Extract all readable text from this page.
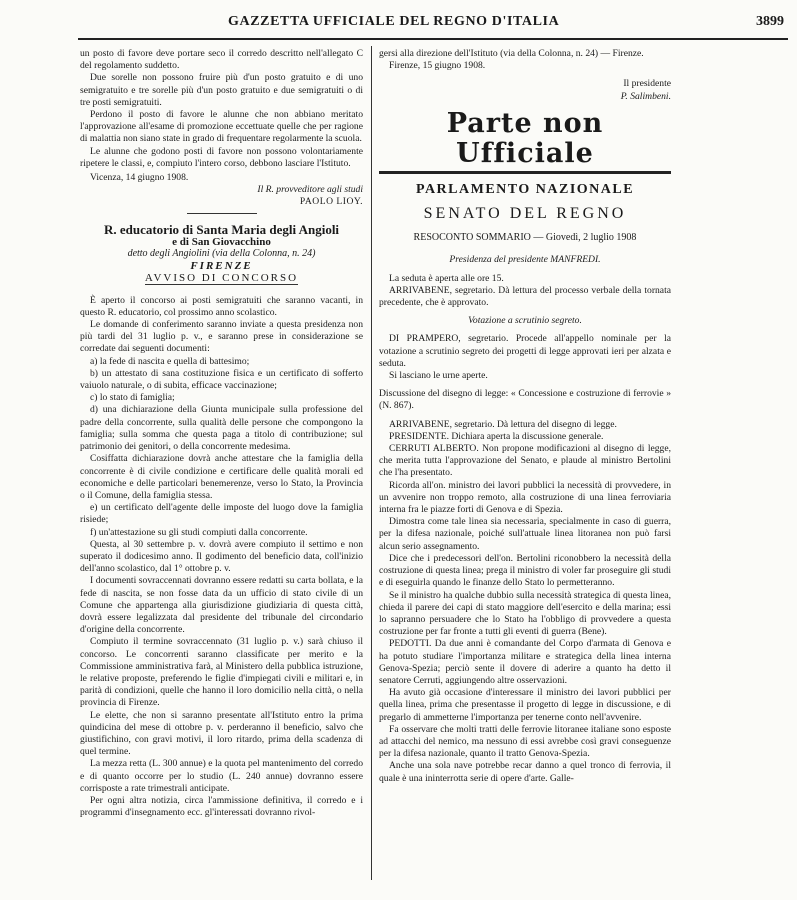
GAZZETTA UFFICIALE DEL REGNO D'ITALIA	3899

un posto di favore deve portare seco il corredo descritto nell'allegato C del regolamento suddetto.

Due sorelle non possono fruire più d'un posto gratuito e di uno semigratuito e tre sorelle più d'un posto gratuito e due semigratuiti o di tre posti semigratuiti.

Perdono il posto di favore le alunne che non abbiano meritato l'approvazione all'esame di promozione eccettuate quelle che per ragione di malattia non siano state in grado di frequentare regolarmente la scuola.

Le alunne che godono posti di favore non possono volontariamente ripetere le classi, e, compiuto l'intero corso, debbono lasciare l'Istituto.

Vicenza, 14 giugno 1908.

Il R. provveditore agli studi

PAOLO LIOY.

R. educatorio di Santa Maria degli Angioli
e di San Giovacchino
detto degli Angiolini (via della Colonna, n. 24)
FIRENZE
AVVISO DI CONCORSO

È aperto il concorso ai posti semigratuiti che saranno vacanti, in questo R. educatorio, col prossimo anno scolastico.

Le domande di conferimento saranno inviate a questa presidenza non più tardi del 31 luglio p. v., e saranno prese in considerazione se corredate dai seguenti documenti:

a) la fede di nascita e quella di battesimo;

b) un attestato di sana costituzione fisica e un certificato di sofferto vaiuolo naturale, o di subita, efficace vaccinazione;

c) lo stato di famiglia;

d) una dichiarazione della Giunta municipale sulla professione del padre della concorrente, sulla qualità delle persone che compongono la famiglia; sulla somma che questa paga a titolo di contribuzione; sul patrimonio dei genitori, o della concorrente medesima.

Cosiffatta dichiarazione dovrà anche attestare che la famiglia della concorrente è di civile condizione e certificare delle qualità morali ed economiche e delle particolari benemerenze, verso lo Stato, la Provincia o il Comune, della famiglia stessa.

e) un certificato dell'agente delle imposte del luogo dove la famiglia risiede;

f) un'attestazione su gli studi compiuti dalla concorrente.

Questa, al 30 settembre p. v. dovrà avere compiuto il settimo e non superato il dodicesimo anno. Il godimento del beneficio data, coll'inizio dell'anno scolastico, dal 1° ottobre p. v.

I documenti sovraccennati dovranno essere redatti su carta bollata, e la fede di nascita, se non fosse data da un ufficio di stato civile di un Comune che appartenga alla giurisdizione giudiziaria di questa città, dovrà essere legalizzata dal presidente del tribunale del circondario d'origine della concorrente.

Compiuto il termine sovraccennato (31 luglio p. v.) sarà chiuso il concorso. Le concorrenti saranno classificate per merito e la Commissione amministrativa farà, al Ministero della pubblica istruzione, le relative proposte, preferendo le figlie d'impiegati civili e militari e, in parità di condizioni, quelle che hanno il loro domicilio nella città, o nella provincia di Firenze.

Le elette, che non si saranno presentate all'Istituto entro la prima quindicina del mese di ottobre p. v. perderanno il beneficio, salvo che giustifichino, con gravi motivi, il loro ritardo, prima della scadenza di quel termine.

La mezza retta (L. 300 annue) e la quota pel mantenimento del corredo e di quanto occorre per lo studio (L. 240 annue) dovranno essere corrisposte a rate trimestrali anticipate.

Per ogni altra notizia, circa l'ammissione definitiva, il corredo e i programmi d'insegnamento ecc. gl'interessati dovranno rivol-

gersi alla direzione dell'Istituto (via della Colonna, n. 24) — Firenze.

Firenze, 15 giugno 1908.

Il presidente

P. Salimbeni.

Parte non Ufficiale
PARLAMENTO NAZIONALE
SENATO DEL REGNO
RESOCONTO SOMMARIO — Giovedì, 2 luglio 1908
Presidenza del presidente MANFREDI.

La seduta è aperta alle ore 15.

ARRIVABENE, segretario. Dà lettura del processo verbale della tornata precedente, che è approvato.

Votazione a scrutinio segreto.

DI PRAMPERO, segretario. Procede all'appello nominale per la votazione a scrutinio segreto dei progetti di legge approvati ieri per alzata e seduta.

Si lasciano le urne aperte.

Discussione del disegno di legge: « Concessione e costruzione di ferrovie » (N. 867).

ARRIVABENE, segretario. Dà lettura del disegno di legge.

PRESIDENTE. Dichiara aperta la discussione generale.

CERRUTI ALBERTO. Non propone modificazioni al disegno di legge, che merita tutta l'approvazione del Senato, e plaude al ministro Bertolini che l'ha presentato.

Ricorda all'on. ministro dei lavori pubblici la necessità di provvedere, in un avvenire non troppo remoto, alla costruzione di una linea ferroviaria interna fra le piazze forti di Genova e di Spezia.

Dimostra come tale linea sia necessaria, specialmente in caso di guerra, per la difesa nazionale, poiché sull'attuale linea litoranea non può farsi alcun serio assegnamento.

Dice che i predecessori dell'on. Bertolini riconobbero la necessità della costruzione di questa linea; prega il ministro di voler far proseguire gli studi e di eseguirla quando le finanze dello Stato lo permetteranno.

Se il ministro ha qualche dubbio sulla necessità strategica di questa linea, chieda il parere dei capi di stato maggiore dell'esercito e della marina; essi lo sapranno persuadere che lo Stato ha l'obbligo di provvedere a questa costruzione per far fronte a tutti gli eventi di guerra (Bene).

PEDOTTI. Da due anni è comandante del Corpo d'armata di Genova e ha potuto studiare l'importanza militare e strategica della linea interna Genova-Spezia; perciò sente il dovere di aderire a quanto ha detto il senatore Cerruti, aggiungendo altre osservazioni.

Ha avuto già occasione d'interessare il ministro dei lavori pubblici per quella linea, prima che presentasse il progetto di legge in discussione, e di pregarlo di ammetterne l'importanza per tenerne conto nell'avvenire.

Fa osservare che molti tratti delle ferrovie litoranee italiane sono esposte ad attacchi del nemico, ma nessuno di essi avrebbe così gravi conseguenze per la difesa nazionale, quanto il tratto Genova-Spezia.

Anche una sola nave potrebbe recar danno a quel tronco di ferrovia, il quale è una ininterrotta serie di opere d'arte. Galle-
